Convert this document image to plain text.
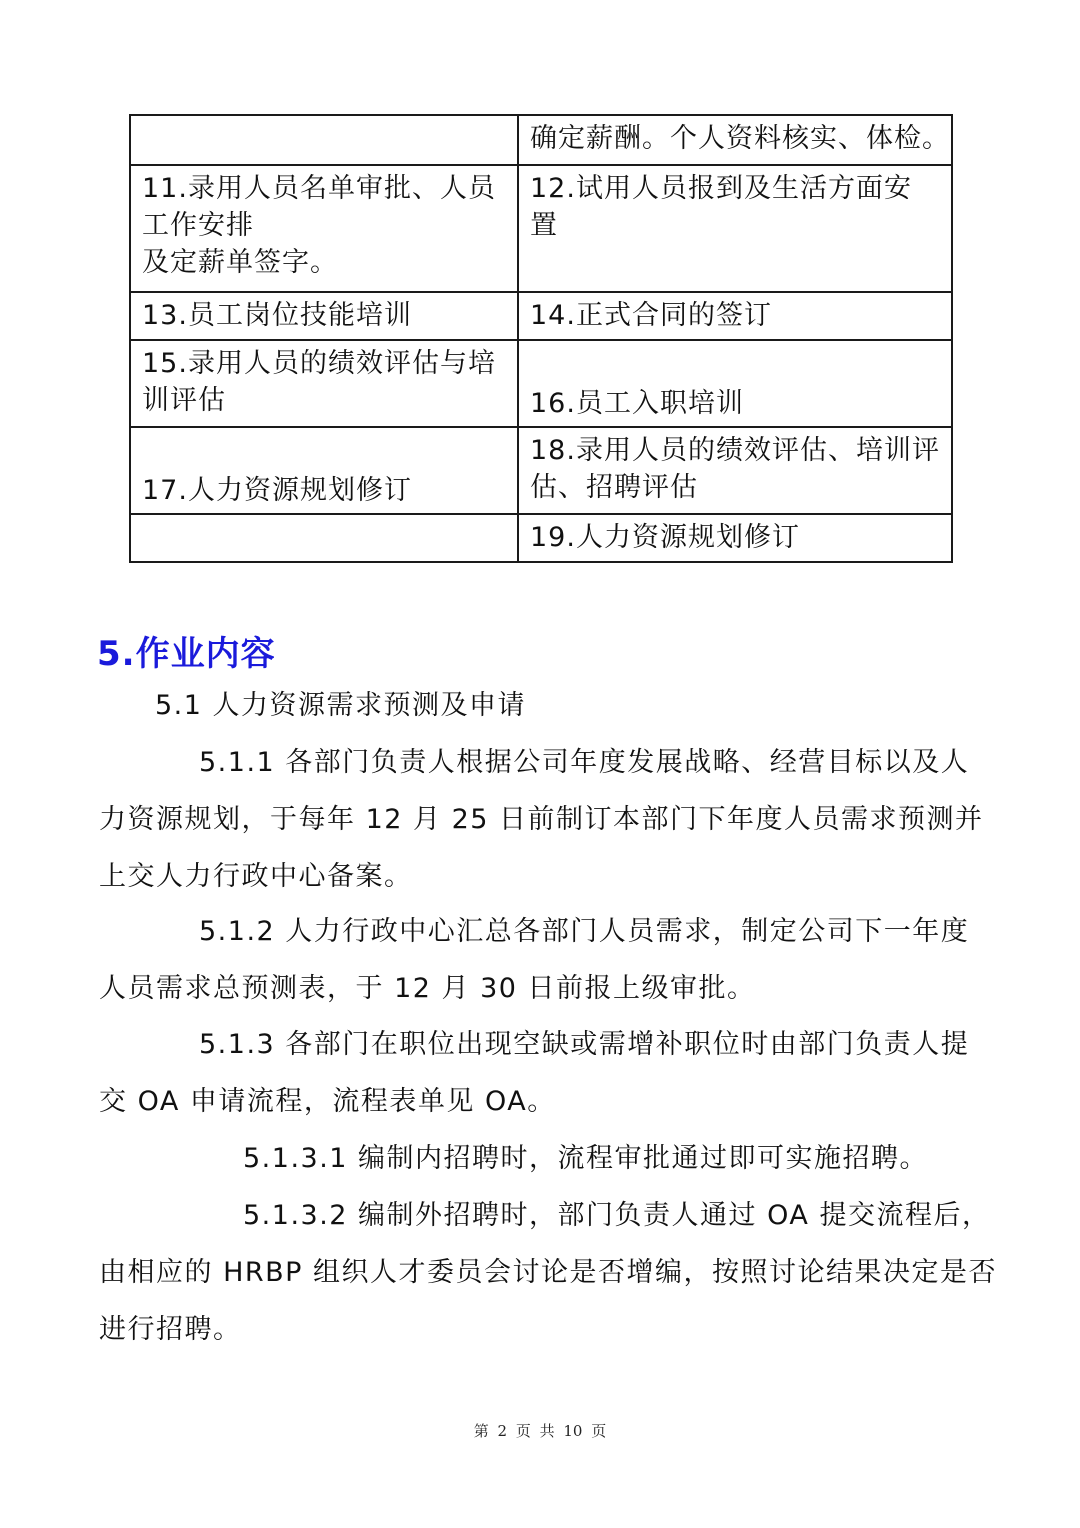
	确定薪酬。个人资料核实、体检。

11.录用人员名单审批、人员
工作安排
及定薪单签字。	12.试用人员报到及生活方面安
置

13.员工岗位技能培训	14.正式合同的签订

15.录用人员的绩效评估与培
训评估	16.员工入职培训

17.人力资源规划修订	18.录用人员的绩效评估、培训评
估、招聘评估

	19.人力资源规划修订
5.作业内容
5.1 人力资源需求预测及申请
5.1.1 各部门负责人根据公司年度发展战略、经营目标以及人
力资源规划，于每年 12 月 25 日前制订本部门下年度人员需求预测并
上交人力行政中心备案。
5.1.2 人力行政中心汇总各部门人员需求，制定公司下一年度
人员需求总预测表，于 12 月 30 日前报上级审批。
5.1.3 各部门在职位出现空缺或需增补职位时由部门负责人提
交 OA 申请流程，流程表单见 OA。
5.1.3.1 编制内招聘时，流程审批通过即可实施招聘。
5.1.3.2 编制外招聘时，部门负责人通过 OA 提交流程后，
由相应的 HRBP 组织人才委员会讨论是否增编，按照讨论结果决定是否
进行招聘。
第 2 页 共 10 页
